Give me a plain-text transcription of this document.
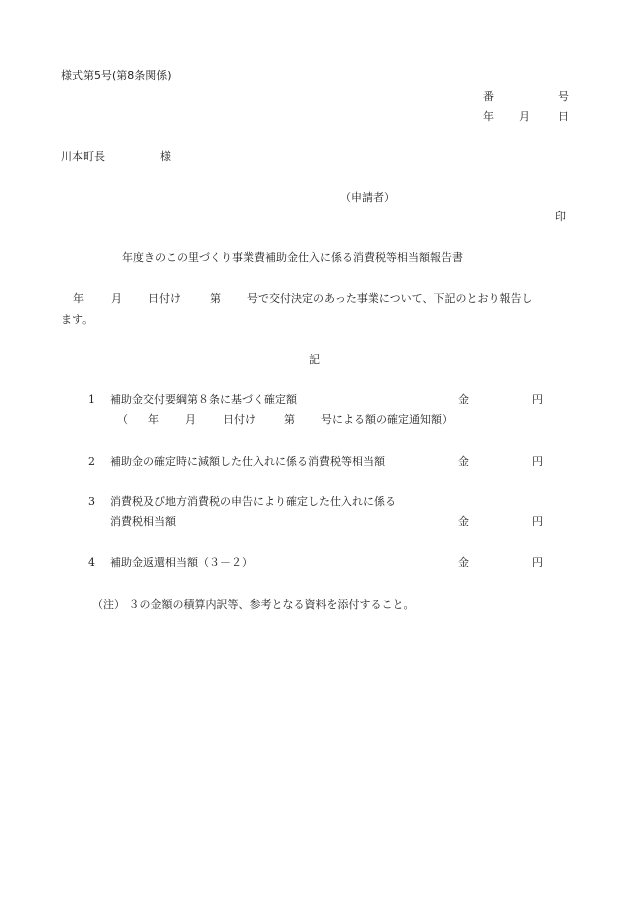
様式第5号(第8条関係)
番	号
年 月	日
川本町長	様
（申請者）
印
年度きのこの里づくり事業費補助金仕入に係る消費税等相当額報告書
年 月 日付け	第 号で交付決定のあった事業について、下記のとおり報告し
ます。
記
1 補助金交付要綱第８条に基づく確定額	金	円
（ 年 月 日付け	第 号による額の確定通知額）
2 補助金の確定時に減額した仕入れに係る消費税等相当額	金	円
3 消費税及び地方消費税の申告により確定した仕入れに係る
消費税相当額	金	円
4 補助金返還相当額（３－２）	金	円
（注） ３の金額の積算内訳等、参考となる資料を添付すること。
